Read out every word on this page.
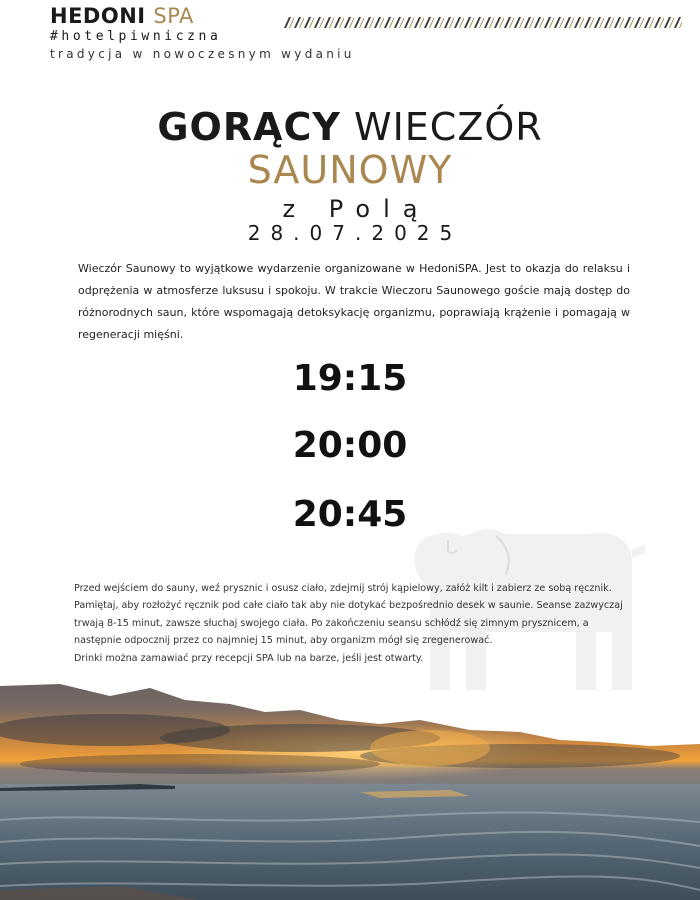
HEDONI SPA
#hotelpiwniczna
tradycja w nowoczesnym wydaniu
GORĄCY WIECZÓR
SAUNOWY
z Polą
28.07.2025
Wieczór Saunowy to wyjątkowe wydarzenie organizowane w HedoniSPA. Jest to okazja do relaksu i odprężenia w atmosferze luksusu i spokoju. W trakcie Wieczoru Saunowego goście mają dostęp do różnorodnych saun, które wspomagają detoksykację organizmu, poprawiają krążenie i pomagają w regeneracji mięśni.
19:15
20:00
20:45

Przed wejściem do sauny, weź prysznic i osusz ciało, zdejmij strój kąpielowy, załóż kilt i zabierz ze sobą ręcznik. Pamiętaj, aby rozłożyć ręcznik pod całe ciało tak aby nie dotykać bezpośrednio desek w saunie. Seanse zazwyczaj trwają 8-15 minut, zawsze słuchaj swojego ciała. Po zakończeniu seansu schłódź się zimnym prysznicem, a następnie odpocznij przez co najmniej 15 minut, aby organizm mógł się zregenerować.

Drinki można zamawiać przy recepcji SPA lub na barze, jeśli jest otwarty.
